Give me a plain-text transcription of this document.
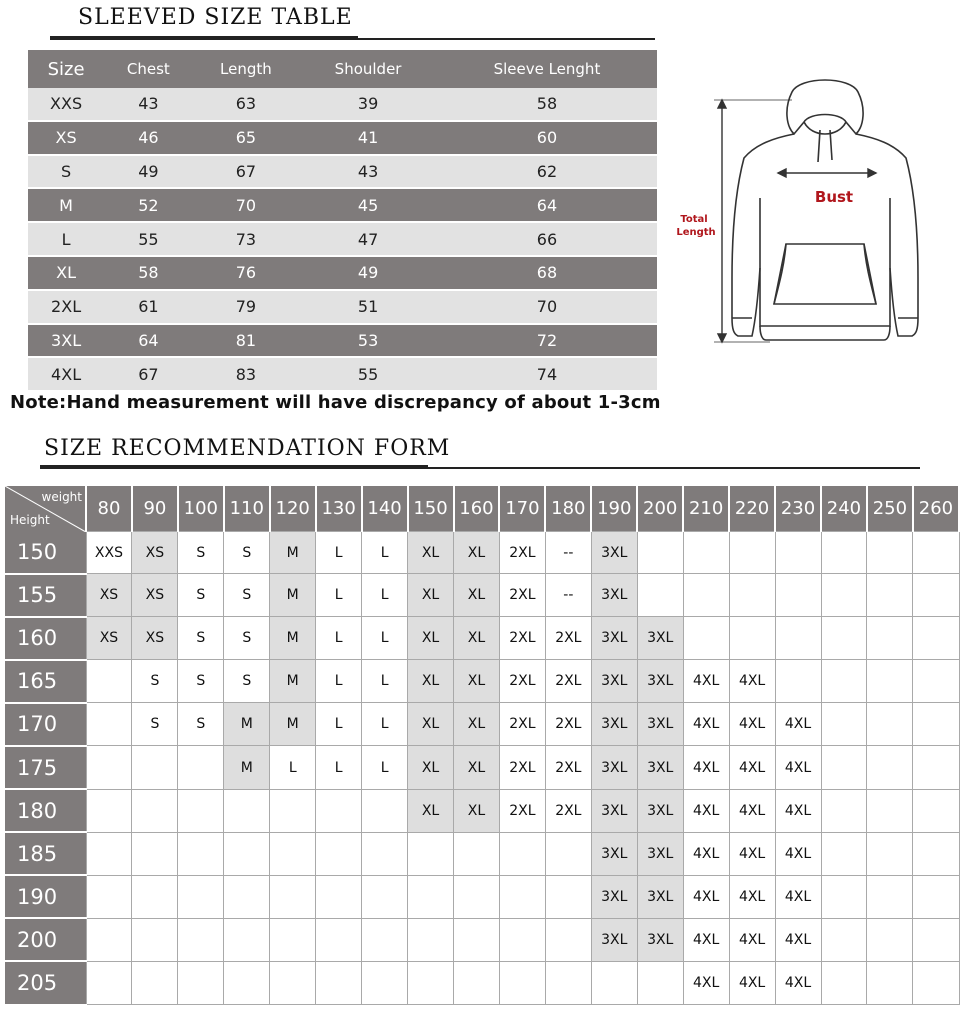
SLEEVED SIZE TABLE
Size	Chest	Length	Shoulder	Sleeve Lenght
XXS	43	63	39	58
XS	46	65	41	60
S	49	67	43	62
M	52	70	45	64
L	55	73	47	66
XL	58	76	49	68
2XL	61	79	51	70
3XL	64	81	53	72
4XL	67	83	55	74
Note:Hand measurement will have discrepancy of about 1-3cm
Bust
Total
Length
SIZE RECOMMENDATION FORM
weight
Height	80	90	100	110	120	130	140	150	160	170	180	190	200	210	220	230	240	250	260
150	XXS	XS	S	S	M	L	L	XL	XL	2XL	--	3XL							
155	XS	XS	S	S	M	L	L	XL	XL	2XL	--	3XL							
160	XS	XS	S	S	M	L	L	XL	XL	2XL	2XL	3XL	3XL						
165		S	S	S	M	L	L	XL	XL	2XL	2XL	3XL	3XL	4XL	4XL				
170		S	S	M	M	L	L	XL	XL	2XL	2XL	3XL	3XL	4XL	4XL	4XL			
175				M	L	L	L	XL	XL	2XL	2XL	3XL	3XL	4XL	4XL	4XL			
180								XL	XL	2XL	2XL	3XL	3XL	4XL	4XL	4XL			
185												3XL	3XL	4XL	4XL	4XL			
190												3XL	3XL	4XL	4XL	4XL			
200												3XL	3XL	4XL	4XL	4XL			
205														4XL	4XL	4XL			
